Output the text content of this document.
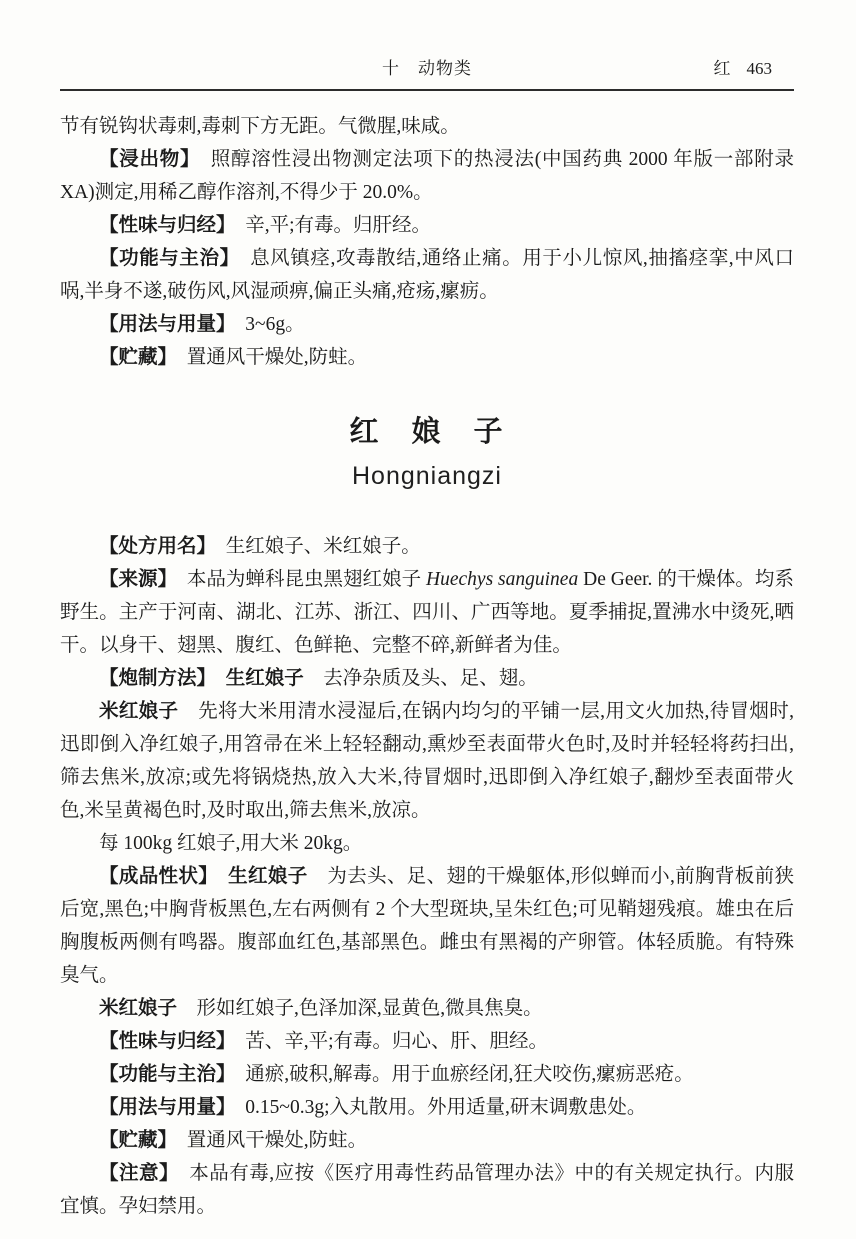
十　动物类	红 463

节有锐钩状毒刺,毒刺下方无距。气微腥,味咸。

【浸出物】　照醇溶性浸出物测定法项下的热浸法(中国药典 2000 年版一部附录 XA)测定,用稀乙醇作溶剂,不得少于 20.0%。

【性味与归经】　辛,平;有毒。归肝经。

【功能与主治】　息风镇痉,攻毒散结,通络止痛。用于小儿惊风,抽搐痉挛,中风口㖞,半身不遂,破伤风,风湿顽痹,偏正头痛,疮疡,瘰疬。

【用法与用量】　3~6g。

【贮藏】　置通风干燥处,防蛀。

红　娘　子
Hongniangzi

【处方用名】　生红娘子、米红娘子。

【来源】　本品为蝉科昆虫黑翅红娘子 Huechys sanguinea De Geer. 的干燥体。均系野生。主产于河南、湖北、江苏、浙江、四川、广西等地。夏季捕捉,置沸水中烫死,晒干。以身干、翅黑、腹红、色鲜艳、完整不碎,新鲜者为佳。

【炮制方法】　生红娘子　去净杂质及头、足、翅。

米红娘子　先将大米用清水浸湿后,在锅内均匀的平铺一层,用文火加热,待冒烟时,迅即倒入净红娘子,用笤帚在米上轻轻翻动,熏炒至表面带火色时,及时并轻轻将药扫出,筛去焦米,放凉;或先将锅烧热,放入大米,待冒烟时,迅即倒入净红娘子,翻炒至表面带火色,米呈黄褐色时,及时取出,筛去焦米,放凉。

每 100kg 红娘子,用大米 20kg。

【成品性状】　生红娘子　为去头、足、翅的干燥躯体,形似蝉而小,前胸背板前狭后宽,黑色;中胸背板黑色,左右两侧有 2 个大型斑块,呈朱红色;可见鞘翅残痕。雄虫在后胸腹板两侧有鸣器。腹部血红色,基部黑色。雌虫有黑褐的产卵管。体轻质脆。有特殊臭气。

米红娘子　形如红娘子,色泽加深,显黄色,微具焦臭。

【性味与归经】　苦、辛,平;有毒。归心、肝、胆经。

【功能与主治】　通瘀,破积,解毒。用于血瘀经闭,狂犬咬伤,瘰疬恶疮。

【用法与用量】　0.15~0.3g;入丸散用。外用适量,研末调敷患处。

【贮藏】　置通风干燥处,防蛀。

【注意】　本品有毒,应按《医疗用毒性药品管理办法》中的有关规定执行。内服宜慎。孕妇禁用。
